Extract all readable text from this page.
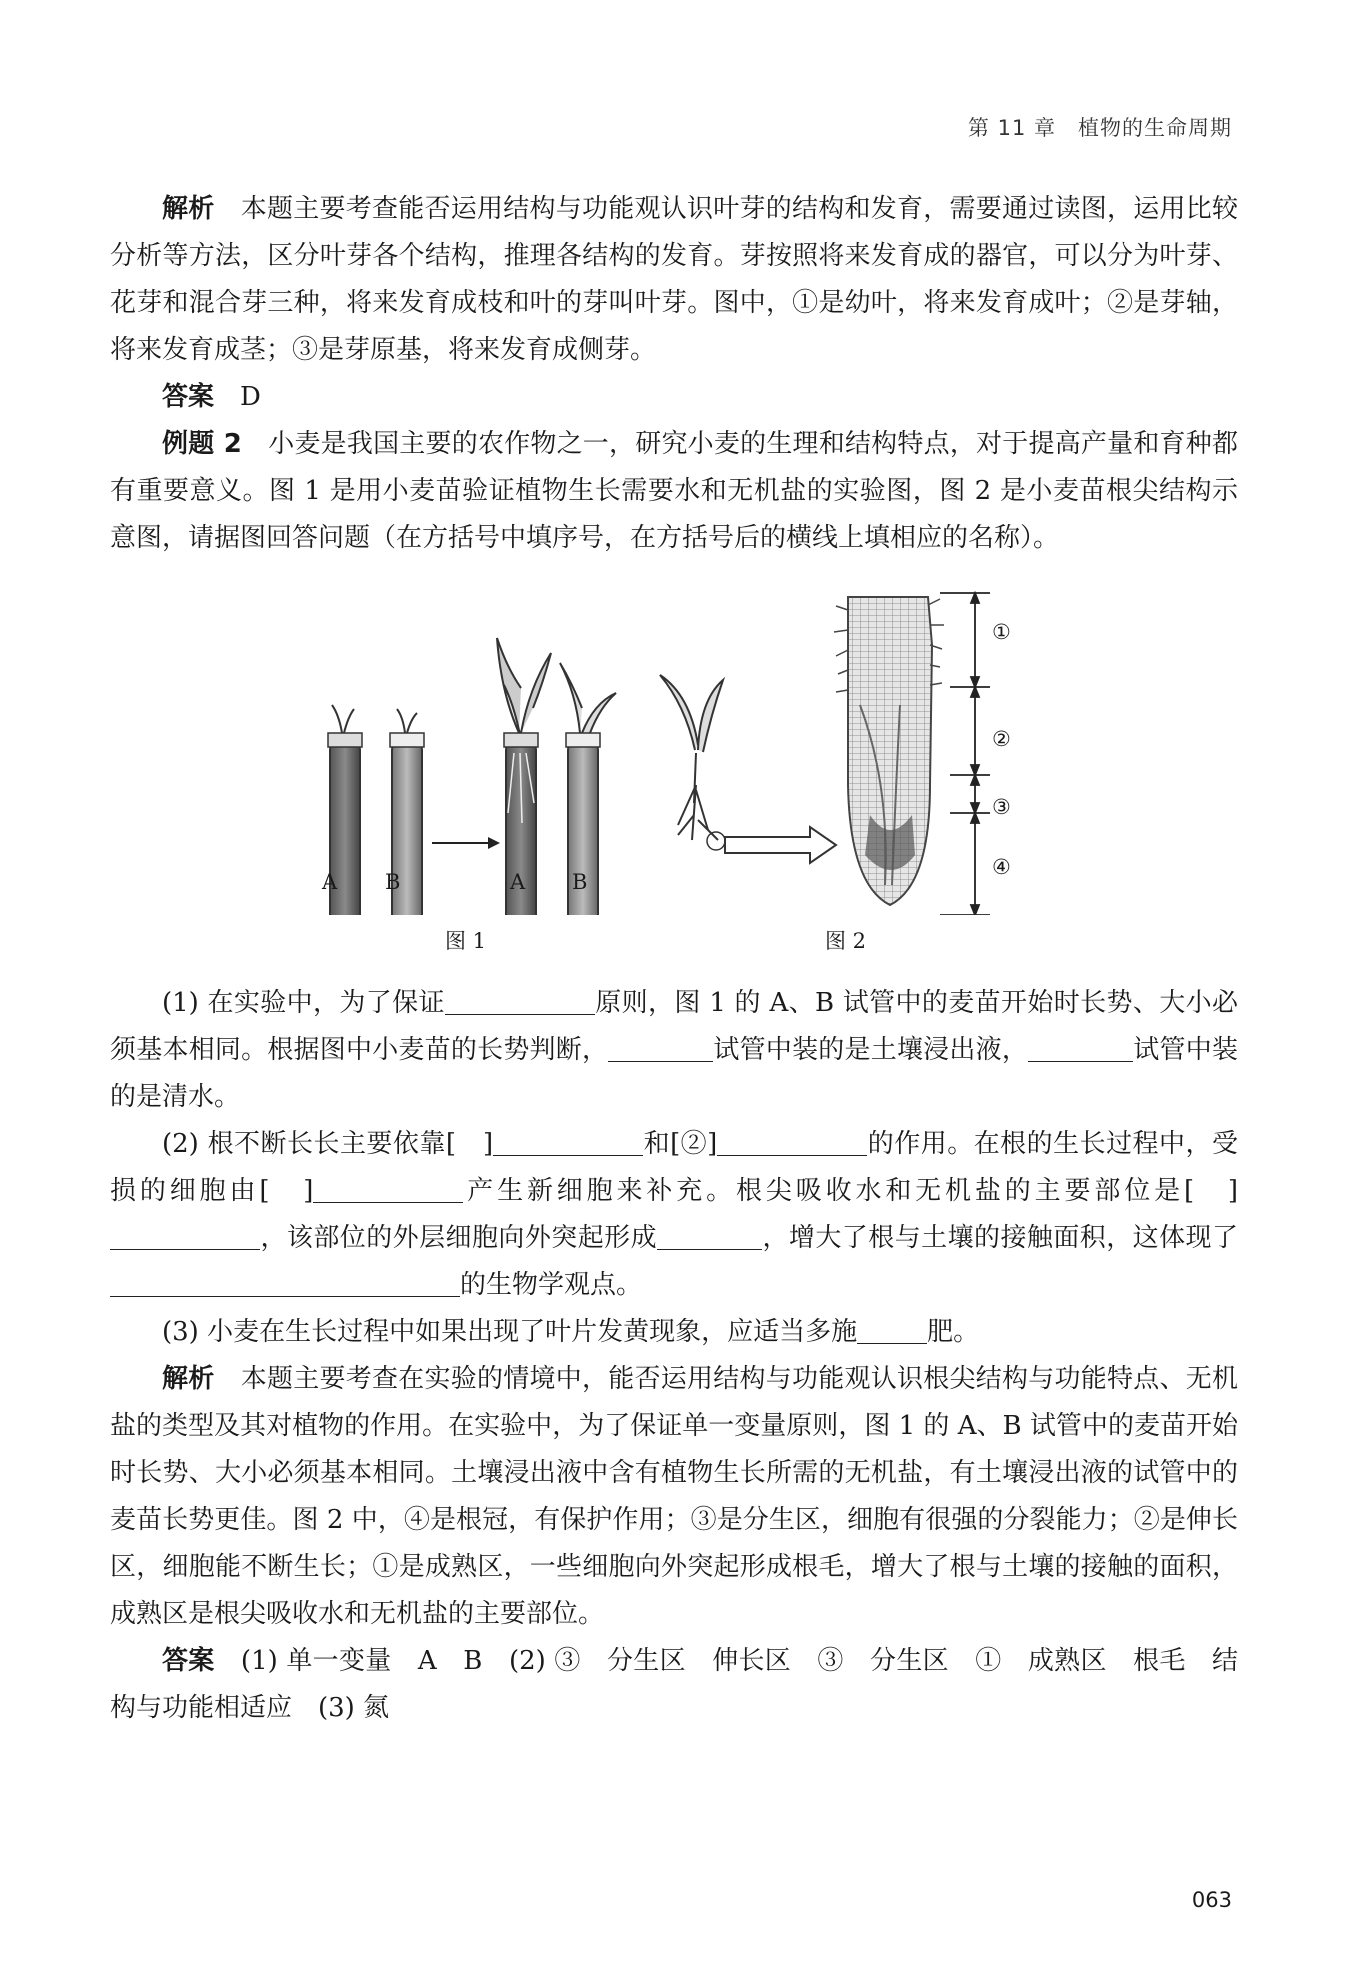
第 11 章　植物的生命周期

解析　本题主要考查能否运用结构与功能观认识叶芽的结构和发育，需要通过读图，运用比较分析等方法，区分叶芽各个结构，推理各结构的发育。芽按照将来发育成的器官，可以分为叶芽、花芽和混合芽三种，将来发育成枝和叶的芽叫叶芽。图中，①是幼叶，将来发育成叶；②是芽轴，将来发育成茎；③是芽原基，将来发育成侧芽。

答案　D

例题 2　小麦是我国主要的农作物之一，研究小麦的生理和结构特点，对于提高产量和育种都有重要意义。图 1 是用小麦苗验证植物生长需要水和无机盐的实验图，图 2 是小麦苗根尖结构示意图，请据图回答问题（在方括号中填序号，在方括号后的横线上填相应的名称）。

A B	A B
①
②
③
④
图 1	图 2

(1) 在实验中，为了保证	原则，图 1 的 A、B 试管中的麦苗开始时长势、大小必须基本相同。根据图中小麦苗的长势判断，	试管中装的是土壤浸出液，	试管中装的是清水。

(2) 根不断长长主要依靠[　]	和[②]	的作用。在根的生长过程中，受损的细胞由[　]	产生新细胞来补充。根尖吸收水和无机盐的主要部位是[　]，该部位的外层细胞向外突起形成	，增大了根与土壤的接触面积，这体现了的生物学观点。

(3) 小麦在生长过程中如果出现了叶片发黄现象，应适当多施	肥。

解析　本题主要考查在实验的情境中，能否运用结构与功能观认识根尖结构与功能特点、无机盐的类型及其对植物的作用。在实验中，为了保证单一变量原则，图 1 的 A、B 试管中的麦苗开始时长势、大小必须基本相同。土壤浸出液中含有植物生长所需的无机盐，有土壤浸出液的试管中的麦苗长势更佳。图 2 中，④是根冠，有保护作用；③是分生区，细胞有很强的分裂能力；②是伸长区，细胞能不断生长；①是成熟区，一些细胞向外突起形成根毛，增大了根与土壤的接触的面积，成熟区是根尖吸收水和无机盐的主要部位。

答案　(1) 单一变量　A　B　(2) ③　分生区　伸长区　③　分生区　①　成熟区　根毛　结构与功能相适应　(3) 氮

063
